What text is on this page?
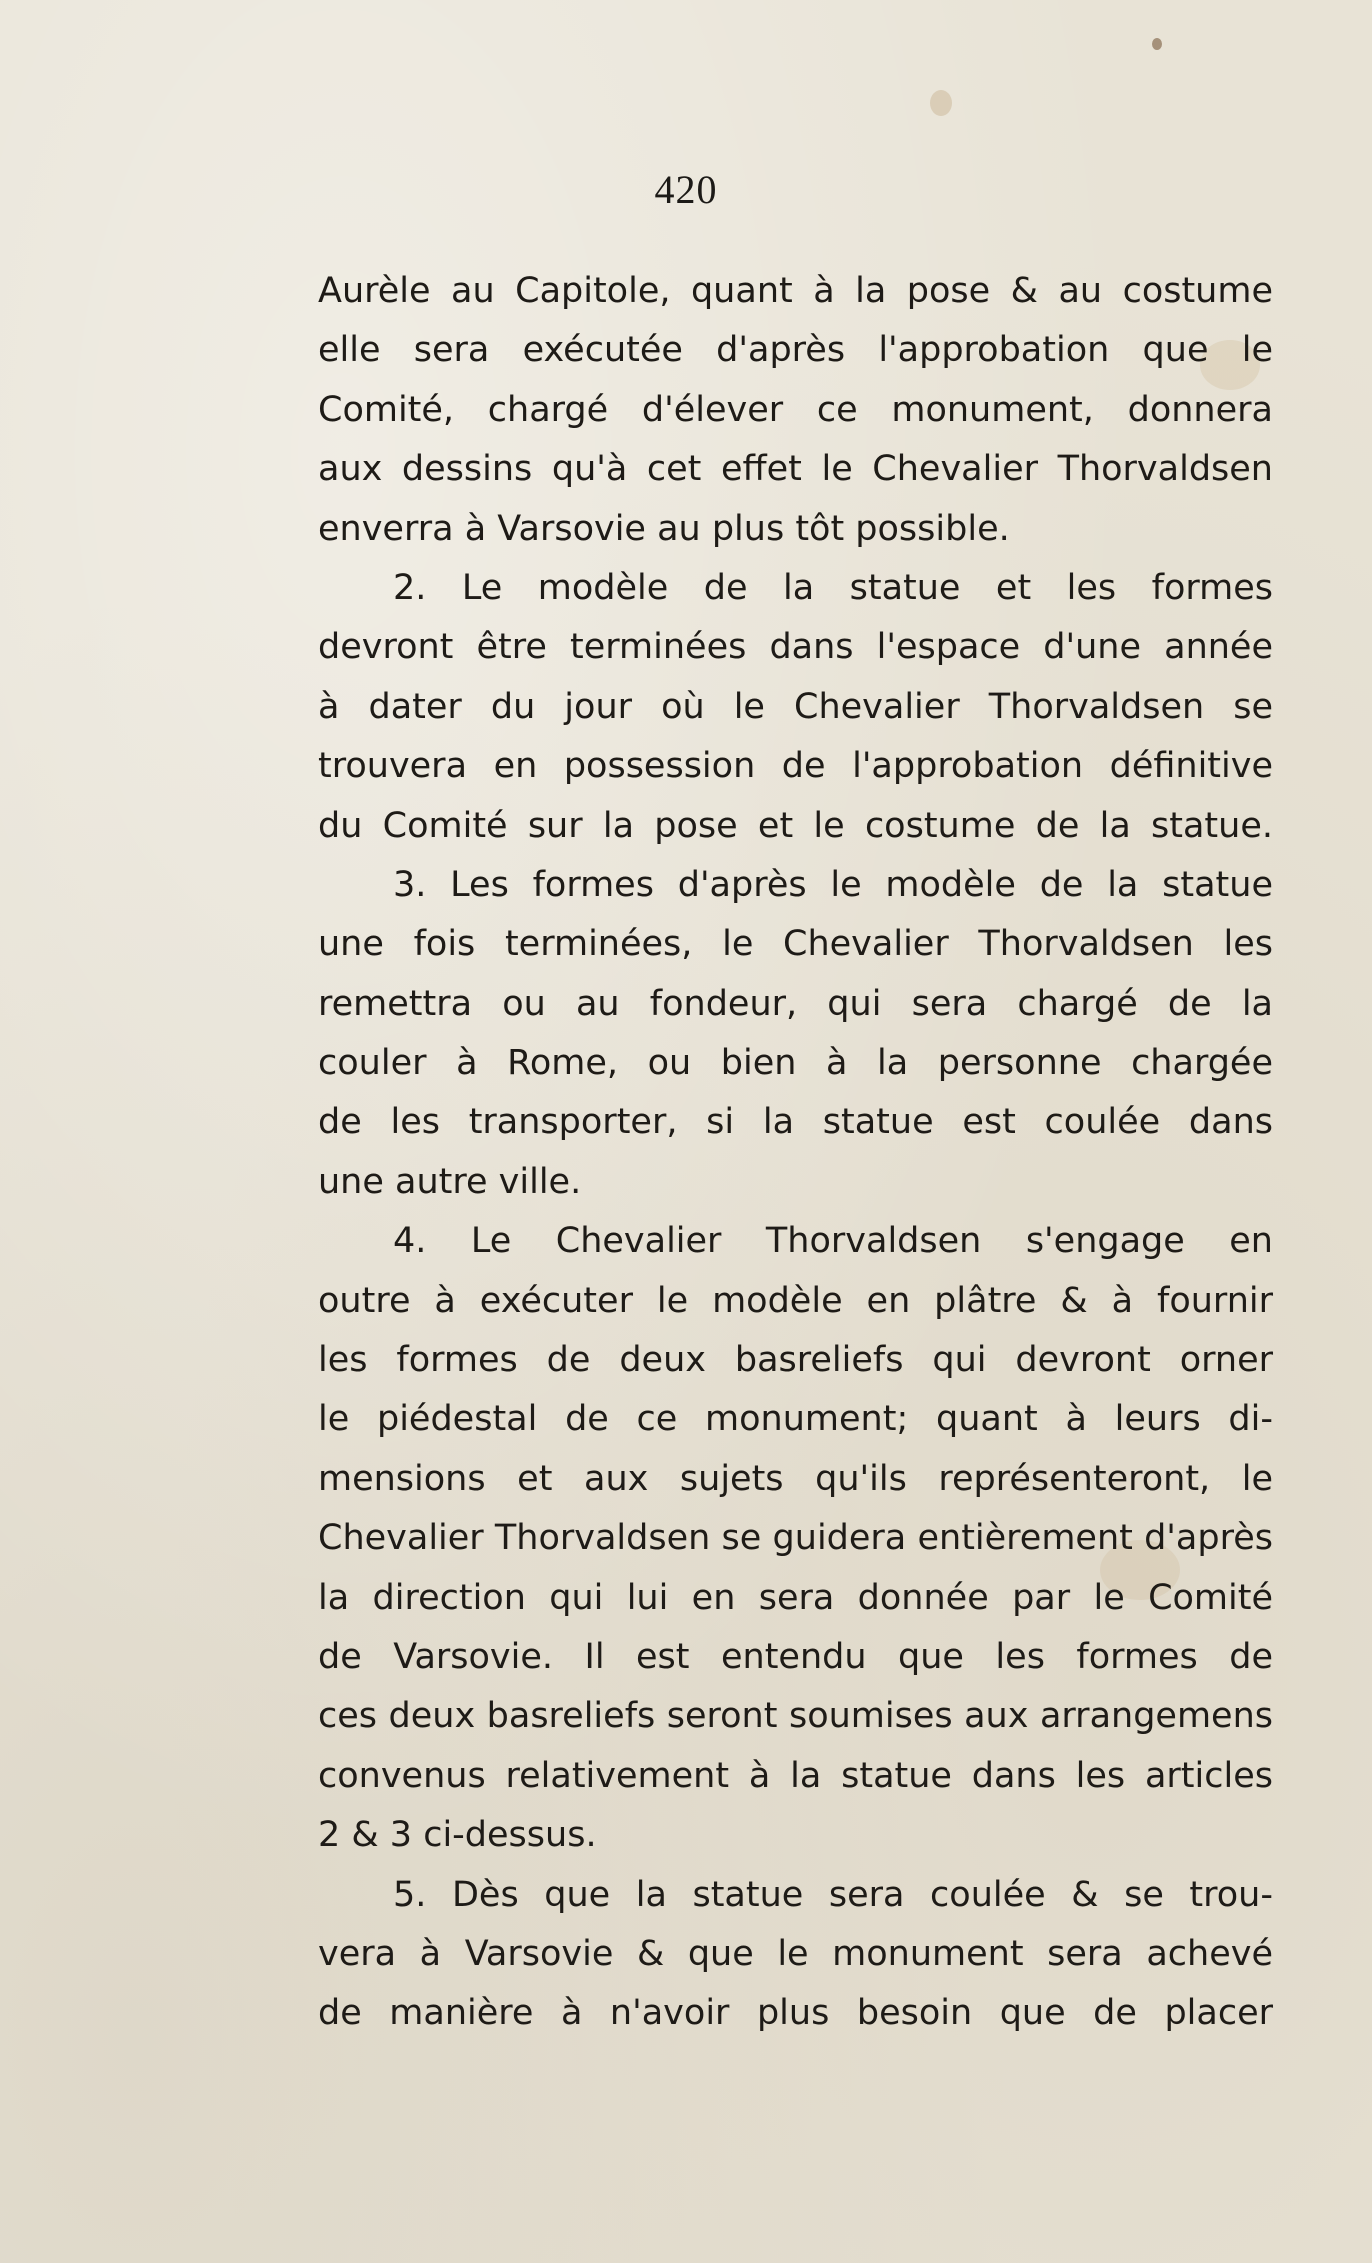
420
Aurèle au Capitole, quant à la pose & au costume
elle sera exécutée d'après l'approbation que le
Comité, chargé d'élever ce monument, donnera
aux dessins qu'à cet effet le Chevalier Thorvaldsen
enverra à Varsovie au plus tôt possible.
2. Le modèle de la statue et les formes
devront être terminées dans l'espace d'une année
à dater du jour où le Chevalier Thorvaldsen se
trouvera en possession de l'approbation définitive
du Comité sur la pose et le costume de la statue.
3. Les formes d'après le modèle de la statue
une fois terminées, le Chevalier Thorvaldsen les
remettra ou au fondeur, qui sera chargé de la
couler à Rome, ou bien à la personne chargée
de les transporter, si la statue est coulée dans
une autre ville.
4. Le Chevalier Thorvaldsen s'engage en
outre à exécuter le modèle en plâtre & à fournir
les formes de deux basreliefs qui devront orner
le piédestal de ce monument; quant à leurs di-
mensions et aux sujets qu'ils représenteront, le
Chevalier Thorvaldsen se guidera entièrement d'après
la direction qui lui en sera donnée par le Comité
de Varsovie. Il est entendu que les formes de
ces deux basreliefs seront soumises aux arrangemens
convenus relativement à la statue dans les articles
2 & 3 ci-dessus.
5. Dès que la statue sera coulée & se trou-
vera à Varsovie & que le monument sera achevé
de manière à n'avoir plus besoin que de placer
